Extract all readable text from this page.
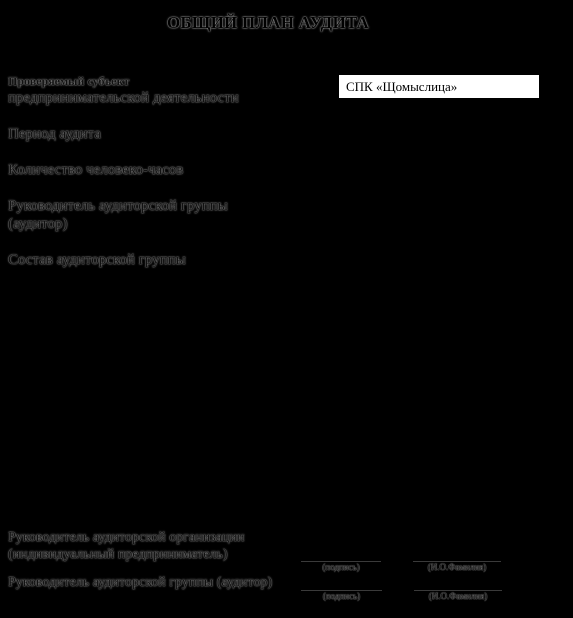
ОБЩИЙ ПЛАН АУДИТА
Проверяемый субъект
предпринимательской деятельности
СПК «Щомыслица»
Период аудита
Количество человеко-часов
Руководитель аудиторской группы
(аудитор)
Состав аудиторской группы
Руководитель аудиторской организации
(индивидуальный предприниматель)
(подпись)	(И.О.Фамилия)
Руководитель аудиторской группы (аудитор)
(подпись)	(И.О.Фамилия)
